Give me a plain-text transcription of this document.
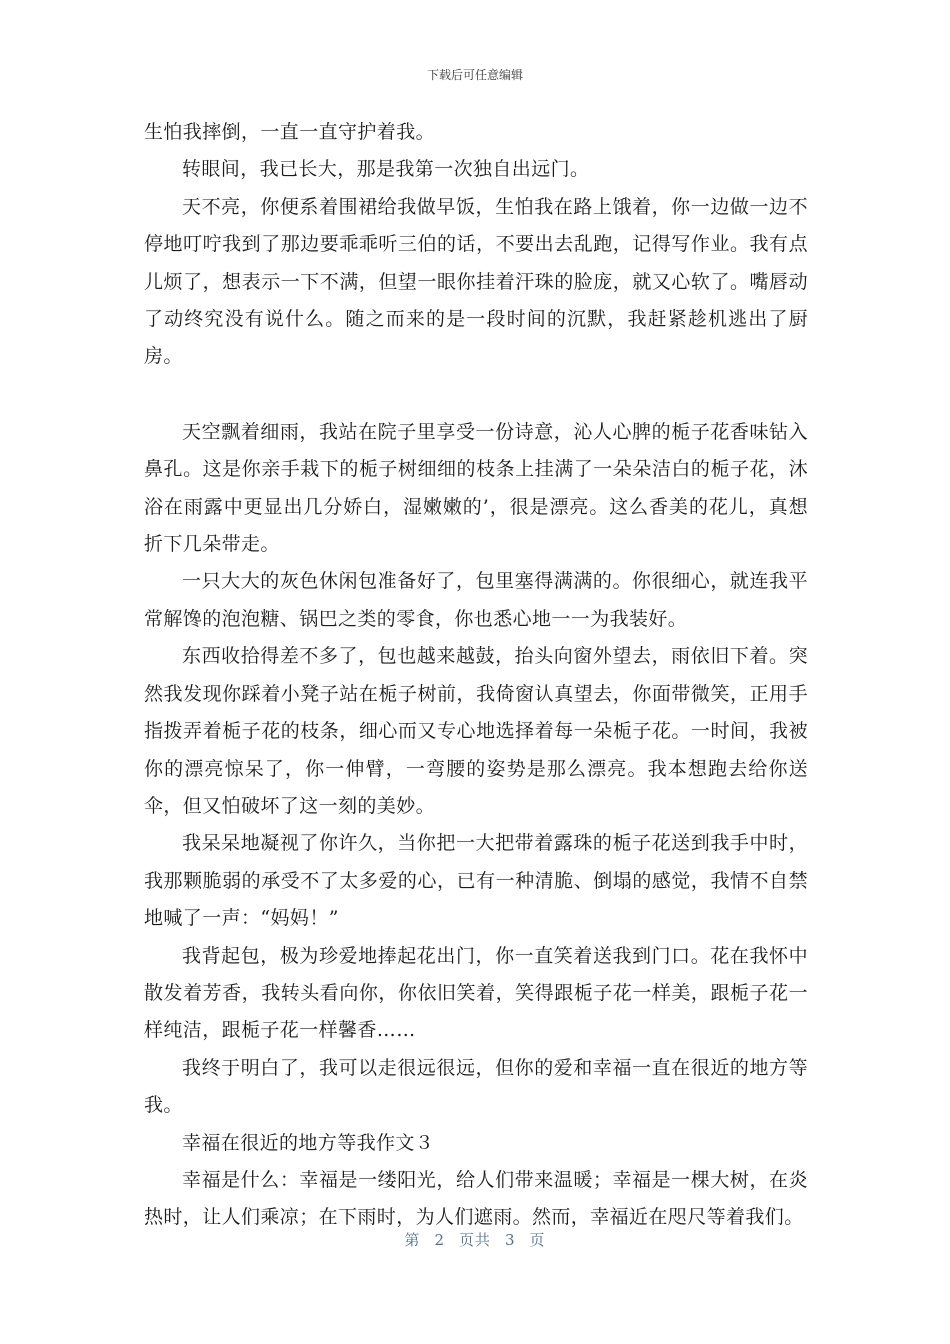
下载后可任意编辑

生怕我摔倒，一直一直守护着我。

转眼间，我已长大，那是我第一次独自出远门。

天不亮，你便系着围裙给我做早饭，生怕我在路上饿着，你一边做一边不停地叮咛我到了那边要乖乖听三伯的话，不要出去乱跑，记得写作业。我有点儿烦了，想表示一下不满，但望一眼你挂着汗珠的脸庞，就又心软了。嘴唇动了动终究没有说什么。随之而来的是一段时间的沉默，我赶紧趁机逃出了厨房。

天空飘着细雨，我站在院子里享受一份诗意，沁人心脾的栀子花香味钻入鼻孔。这是你亲手栽下的栀子树细细的枝条上挂满了一朵朵洁白的栀子花，沐浴在雨露中更显出几分娇白，湿嫩嫩的’，很是漂亮。这么香美的花儿，真想折下几朵带走。

一只大大的灰色休闲包准备好了，包里塞得满满的。你很细心，就连我平常解馋的泡泡糖、锅巴之类的零食，你也悉心地一一为我装好。

东西收拾得差不多了，包也越来越鼓，抬头向窗外望去，雨依旧下着。突然我发现你踩着小凳子站在栀子树前，我倚窗认真望去，你面带微笑，正用手指拨弄着栀子花的枝条，细心而又专心地选择着每一朵栀子花。一时间，我被你的漂亮惊呆了，你一伸臂，一弯腰的姿势是那么漂亮。我本想跑去给你送伞，但又怕破坏了这一刻的美妙。

我呆呆地凝视了你许久，当你把一大把带着露珠的栀子花送到我手中时，我那颗脆弱的承受不了太多爱的心，已有一种清脆、倒塌的感觉，我情不自禁地喊了一声：“妈妈！”

我背起包，极为珍爱地捧起花出门，你一直笑着送我到门口。花在我怀中散发着芳香，我转头看向你，你依旧笑着，笑得跟栀子花一样美，跟栀子花一样纯洁，跟栀子花一样馨香……

我终于明白了，我可以走很远很远，但你的爱和幸福一直在很近的地方等我。

幸福在很近的地方等我作文３

幸福是什么：幸福是一缕阳光，给人们带来温暖；幸福是一棵大树，在炎热时，让人们乘凉；在下雨时，为人们遮雨。然而，幸福近在咫尺等着我们。

第 2 页共 3 页
